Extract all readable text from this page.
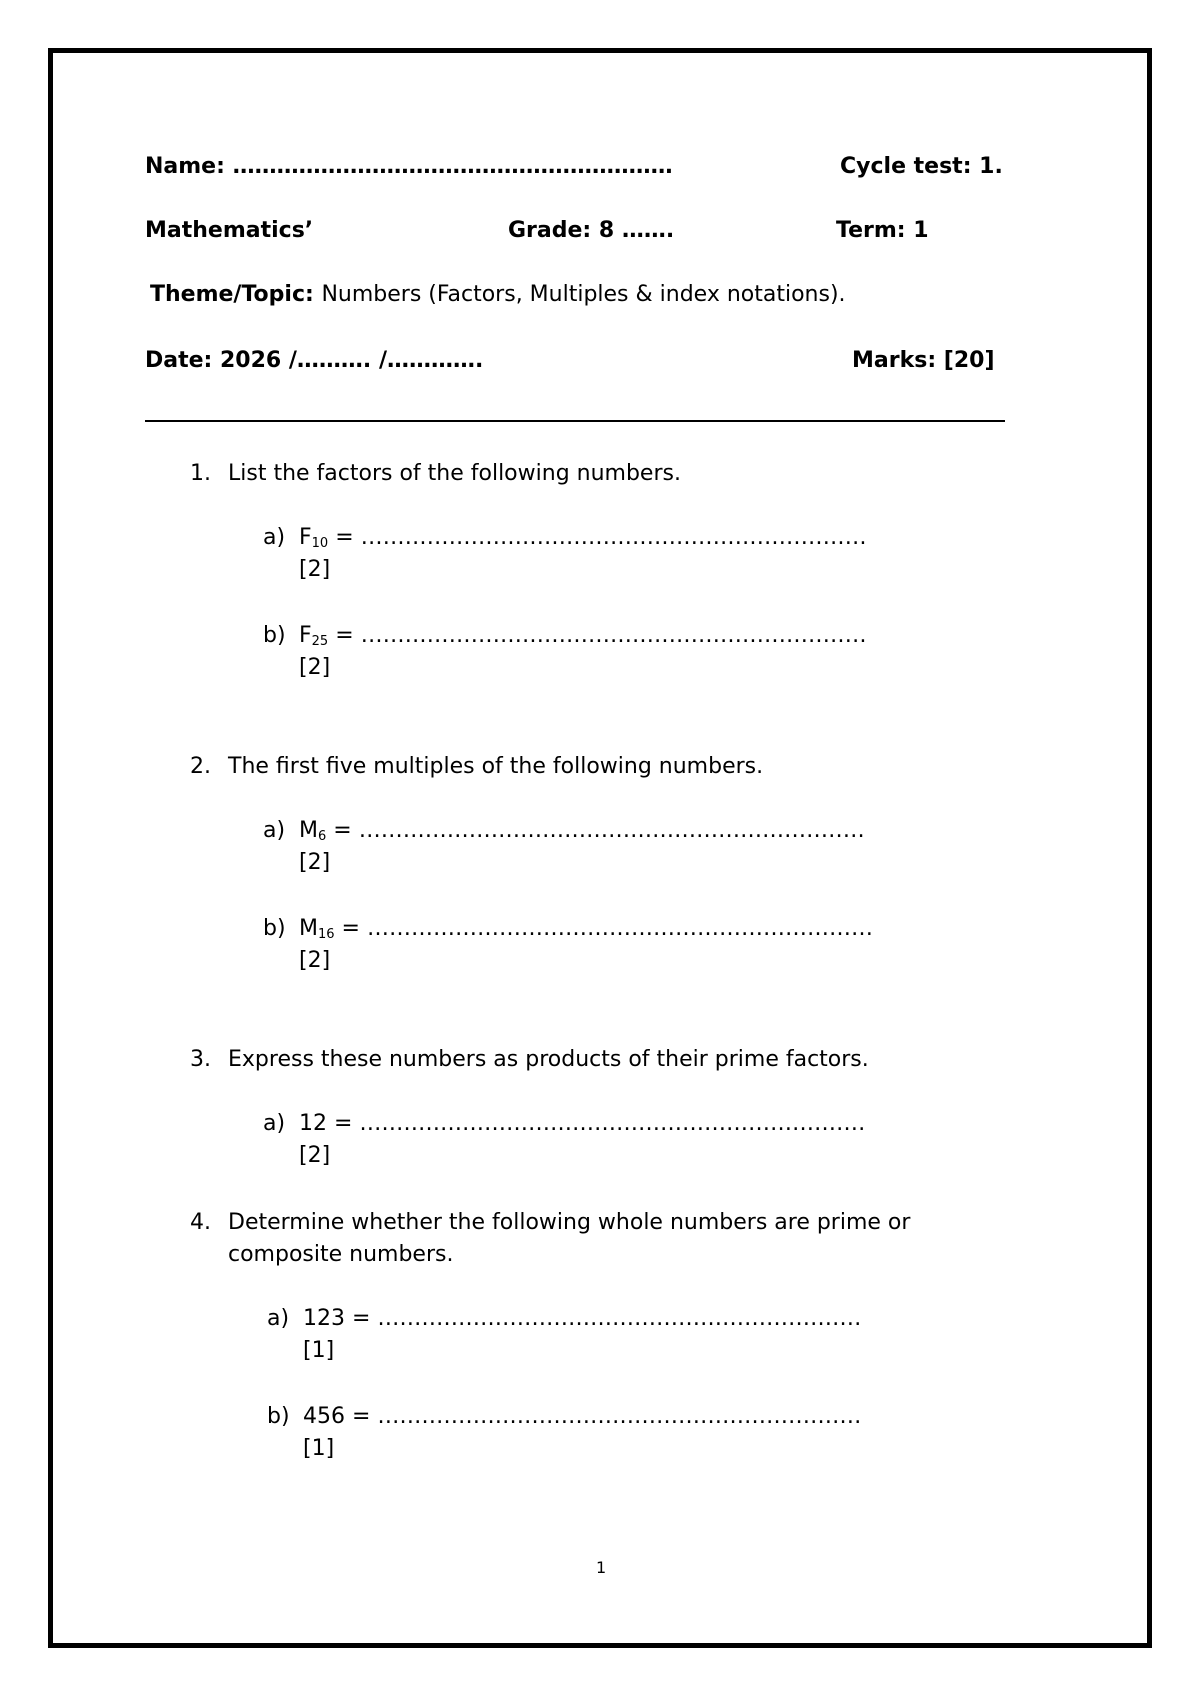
Name: ……………………………………………………	Cycle test: 1.
Mathematics’	Grade: 8 …….	Term: 1
Theme/Topic: Numbers (Factors, Multiples & index notations).
Date: 2026 /………. /………….	Marks: [20]
1. List the factors of the following numbers.
a) $F_{10}$ = ……………………………………………………………
[2]
b) $F_{25}$ = ……………………………………………………………
[2]
2. The first five multiples of the following numbers.
a) $M_6$ = ……………………………………………………………
[2]
b) $M_{16}$ = ……………………………………………………………
[2]
3. Express these numbers as products of their prime factors.
a) 12 = ……………………………………………………………
[2]
4. Determine whether the following whole numbers are prime or
composite numbers.
a) 123 = …………………………………………………………
[1]
b) 456 = …………………………………………………………
[1]
1
